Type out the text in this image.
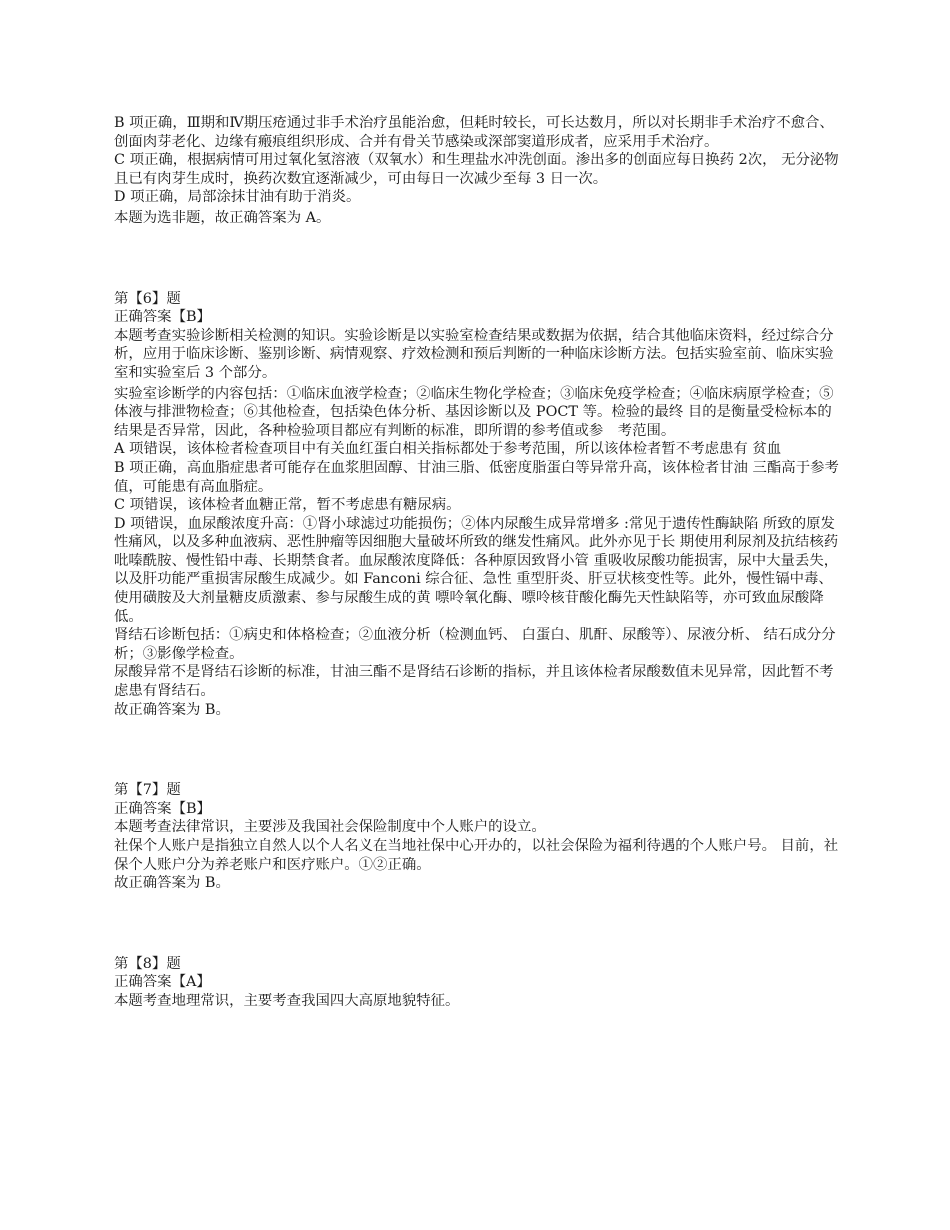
B 项正确，Ⅲ期和Ⅳ期压疮通过非手术治疗虽能治愈，但耗时较长，可长达数月，所以对长期非手术治疗不愈合、创面肉芽老化、边缘有瘢痕组织形成、合并有骨关节感染或深部窦道形成者，应采用手术治疗。

C 项正确，根据病情可用过氧化氢溶液（双氧水）和生理盐水冲洗创面。渗出多的创面应每日换药 2次， 无分泌物且已有肉芽生成时，换药次数宜逐渐减少，可由每日一次减少至每 3 日一次。

D 项正确，局部涂抹甘油有助于消炎。

本题为选非题，故正确答案为 A。

第【6】题

正确答案【B】

本题考查实验诊断相关检测的知识。实验诊断是以实验室检查结果或数据为依据，结合其他临床资料，经过综合分析，应用于临床诊断、鉴别诊断、病情观察、疗效检测和预后判断的一种临床诊断方法。包括实验室前、临床实验室和实验室后 3 个部分。

实验室诊断学的内容包括：①临床血液学检查；②临床生物化学检查；③临床免疫学检查；④临床病原学检查；⑤体液与排泄物检查；⑥其他检查，包括染色体分析、基因诊断以及 POCT 等。检验的最终 目的是衡量受检标本的结果是否异常，因此，各种检验项目都应有判断的标准，即所谓的参考值或参　考范围。

A 项错误，该体检者检查项目中有关血红蛋白相关指标都处于参考范围，所以该体检者暂不考虑患有 贫血

B 项正确，高血脂症患者可能存在血浆胆固醇、甘油三脂、低密度脂蛋白等异常升高，该体检者甘油 三酯高于参考值，可能患有高血脂症。

C 项错误，该体检者血糖正常，暂不考虑患有糖尿病。

D 项错误，血尿酸浓度升高：①肾小球滤过功能损伤；②体内尿酸生成异常增多 :常见于遗传性酶缺陷 所致的原发性痛风，以及多种血液病、恶性肿瘤等因细胞大量破坏所致的继发性痛风。此外亦见于长 期使用利尿剂及抗结核药吡嗪酰胺、慢性铅中毒、长期禁食者。血尿酸浓度降低：各种原因致肾小管 重吸收尿酸功能损害，尿中大量丢失，以及肝功能严重损害尿酸生成减少。如 Fanconi 综合征、急性 重型肝炎、肝豆状核变性等。此外，慢性镉中毒、使用磺胺及大剂量糖皮质激素、参与尿酸生成的黄 嘌呤氧化酶、嘌呤核苷酸化酶先天性缺陷等，亦可致血尿酸降低。

肾结石诊断包括：①病史和体格检查；②血液分析（检测血钙、 白蛋白、肌酐、尿酸等）、尿液分析、 结石成分分析；③影像学检查。

尿酸异常不是肾结石诊断的标准，甘油三酯不是肾结石诊断的指标，并且该体检者尿酸数值未见异常，因此暂不考虑患有肾结石。

故正确答案为 B。

第【7】题

正确答案【B】

本题考查法律常识，主要涉及我国社会保险制度中个人账户的设立。

社保个人账户是指独立自然人以个人名义在当地社保中心开办的，以社会保险为福利待遇的个人账户号。 目前，社保个人账户分为养老账户和医疗账户。①②正确。

故正确答案为 B。

第【8】题

正确答案【A】

本题考查地理常识，主要考查我国四大高原地貌特征。
